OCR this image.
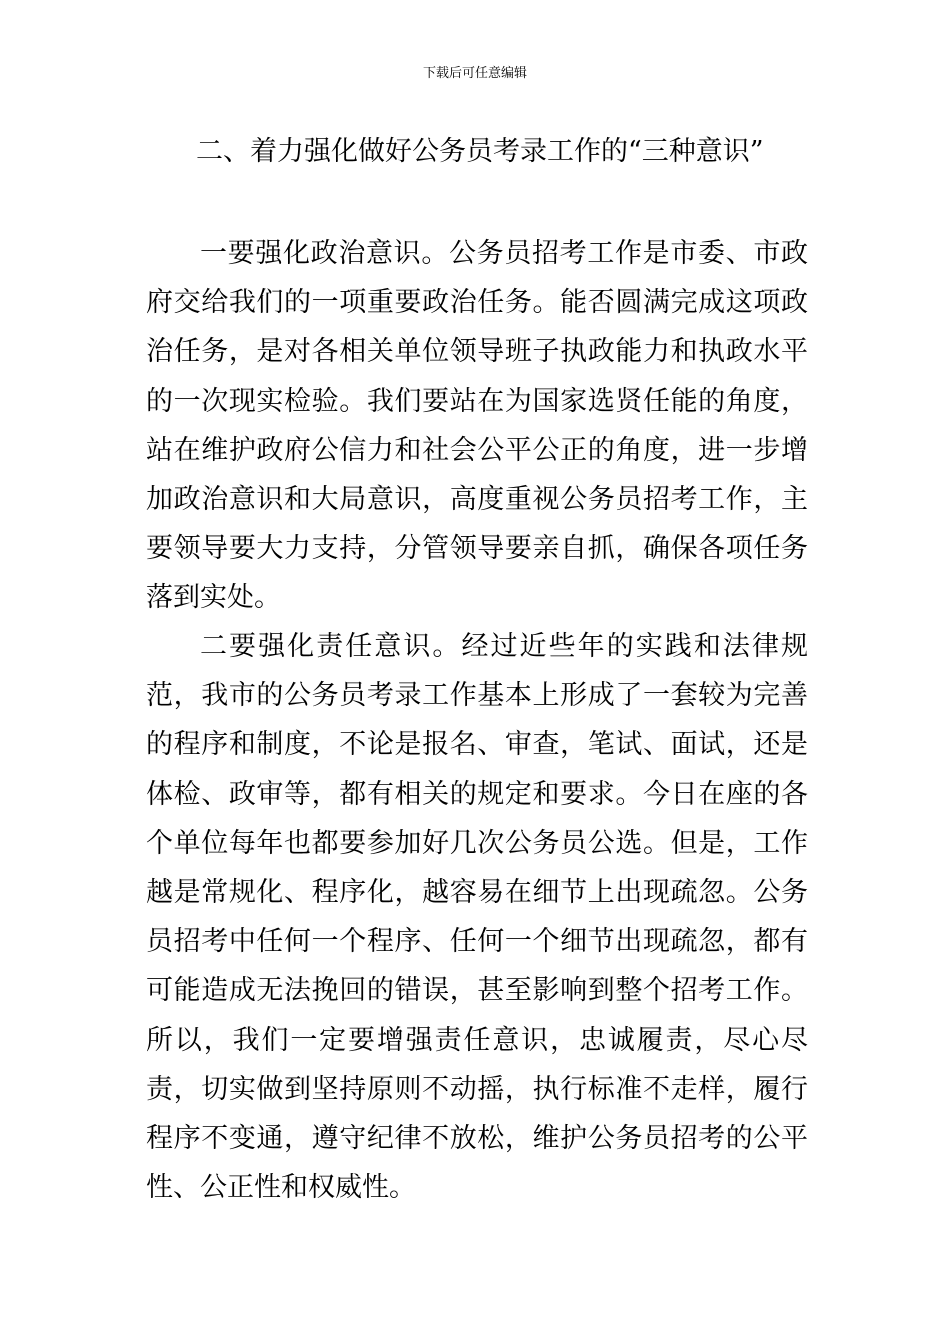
下载后可任意编辑
二、着力强化做好公务员考录工作的“三种意识”

一要强化政治意识。公务员招考工作是市委、市政府交给我们的一项重要政治任务。能否圆满完成这项政治任务，是对各相关单位领导班子执政能力和执政水平的一次现实检验。我们要站在为国家选贤任能的角度，站在维护政府公信力和社会公平公正的角度，进一步增加政治意识和大局意识，高度重视公务员招考工作，主要领导要大力支持，分管领导要亲自抓，确保各项任务落到实处。

二要强化责任意识。经过近些年的实践和法律规范，我市的公务员考录工作基本上形成了一套较为完善的程序和制度，不论是报名、审查，笔试、面试，还是体检、政审等，都有相关的规定和要求。今日在座的各个单位每年也都要参加好几次公务员公选。但是，工作越是常规化、程序化，越容易在细节上出现疏忽。公务员招考中任何一个程序、任何一个细节出现疏忽，都有可能造成无法挽回的错误，甚至影响到整个招考工作。所以，我们一定要增强责任意识，忠诚履责，尽心尽责，切实做到坚持原则不动摇，执行标准不走样，履行程序不变通，遵守纪律不放松，维护公务员招考的公平性、公正性和权威性。
